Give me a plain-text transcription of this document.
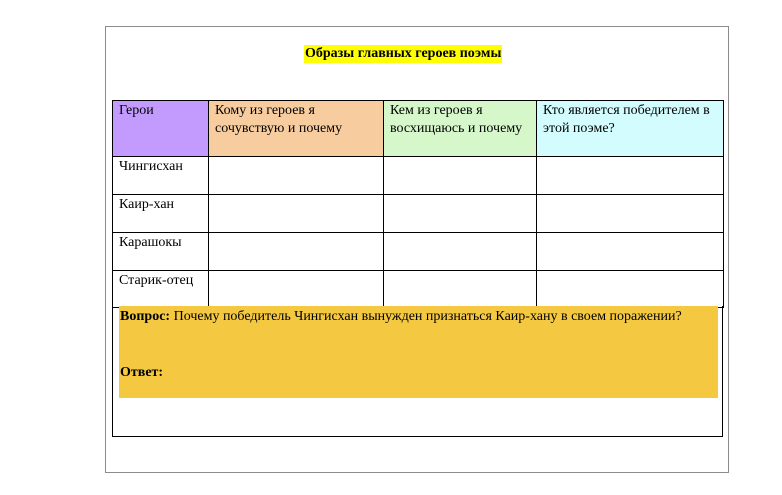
Образы главных героев поэмы
Герои	Кому из героев я сочувствую и почему	Кем из героев я восхищаюсь и почему	Кто является победителем в этой поэме?
Чингисхан			
Каир-хан			
Карашокы			
Старик-отец			
Вопрос: Почему победитель Чингисхан вынужден признаться Каир-хану в своем поражении?
Ответ:
